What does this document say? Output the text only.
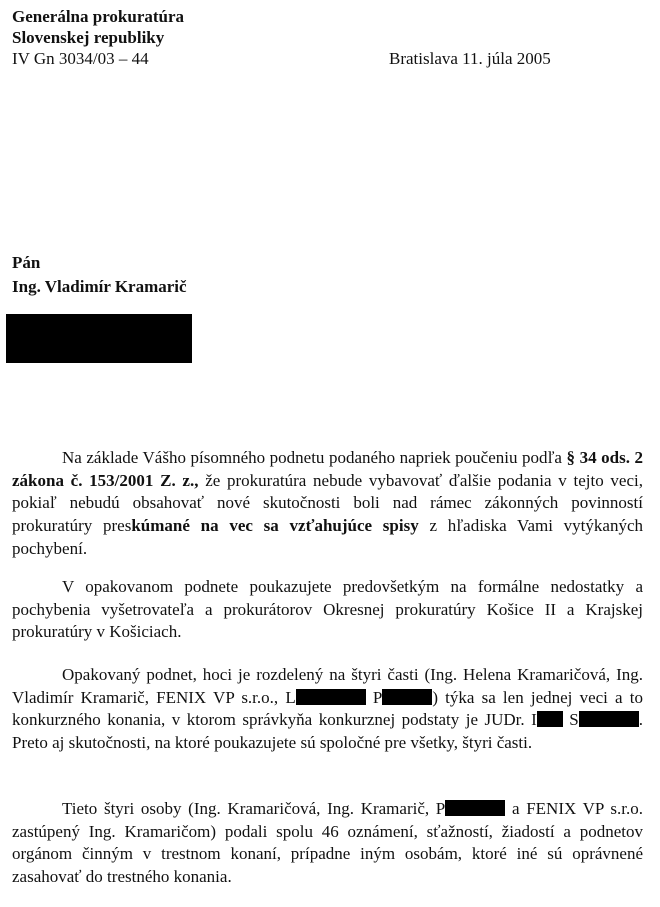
Generálna prokuratúra
Slovenskej republiky
IV Gn 3034/03 – 44	Bratislava 11. júla 2005
Pán
Ing. Vladimír Kramarič

Na základe Vášho písomného podnetu podaného napriek poučeniu podľa § 34 ods. 2 zákona č. 153/2001 Z. z., že prokuratúra nebude vybavovať ďalšie podania v tejto veci, pokiaľ nebudú obsahovať nové skutočnosti boli nad rámec zákonných povinností prokuratúry preskúmané na vec sa vzťahujúce spisy z hľadiska Vami vytýkaných pochybení.

V opakovanom podnete poukazujete predovšetkým na formálne nedostatky a pochybenia vyšetrovateľa a prokurátorov Okresnej prokuratúry Košice II a Krajskej prokuratúry v Košiciach.

Opakovaný podnet, hoci je rozdelený na štyri časti (Ing. Helena Kramaričová, Ing. Vladimír Kramarič, FENIX VP s.r.o., L	P	) týka sa len jednej veci a to konkurzného konania, v ktorom správkyňa konkurznej podstaty je JUDr. I S	. Preto aj skutočnosti, na ktoré poukazujete sú spoločné pre všetky, štyri časti.

Tieto štyri osoby (Ing. Kramaričová, Ing. Kramarič, P	a FENIX VP s.r.o. zastúpený Ing. Kramaričom) podali spolu 46 oznámení, sťažností, žiadostí a podnetov orgánom činným v trestnom konaní, prípadne iným osobám, ktoré iné sú oprávnené zasahovať do trestného konania.
